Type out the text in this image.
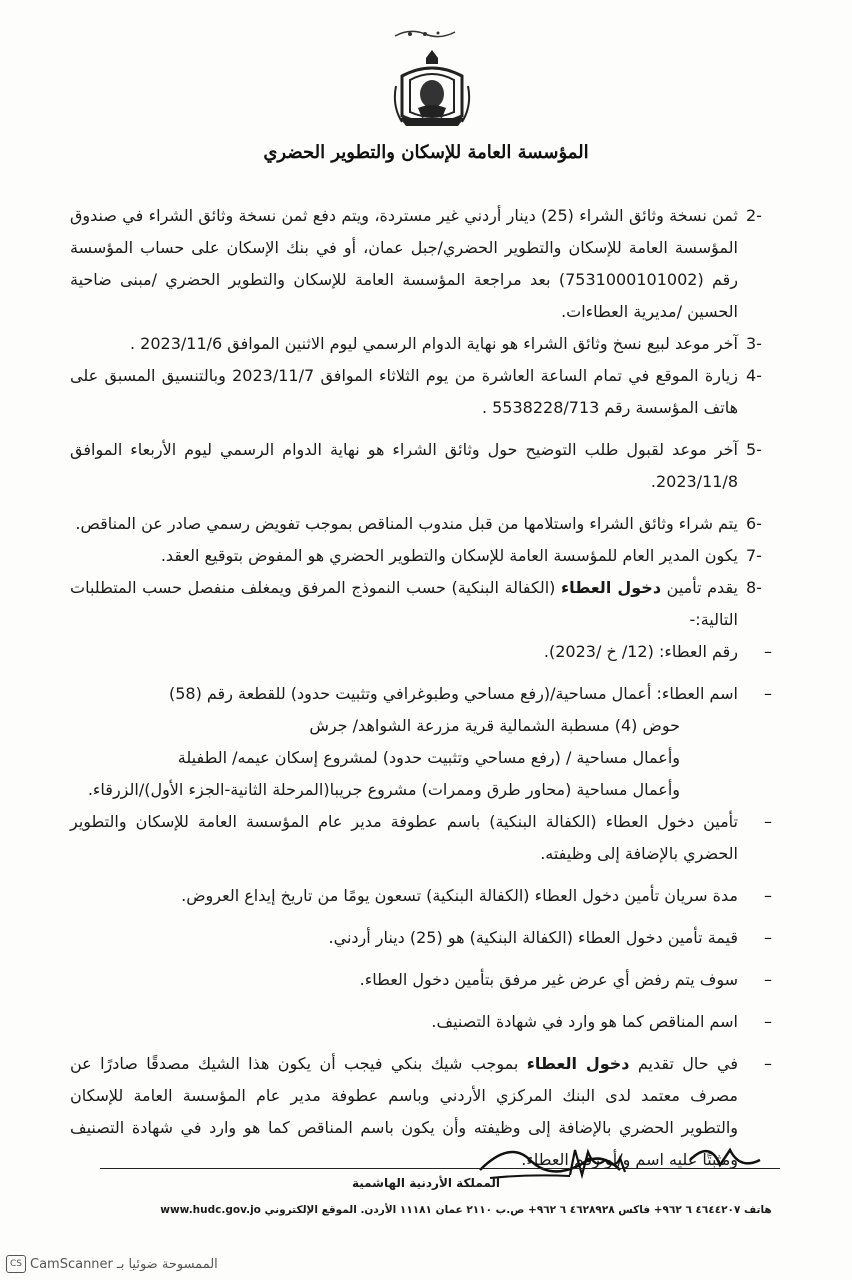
المؤسسة العامة للإسكان والتطوير الحضري
2-
ثمن نسخة وثائق الشراء (25) دينار أردني غير مستردة، ويتم دفع ثمن نسخة وثائق الشراء في صندوق المؤسسة العامة للإسكان والتطوير الحضري/جبل عمان، أو في بنك الإسكان على حساب المؤسسة رقم (7531000101002) بعد مراجعة المؤسسة العامة للإسكان والتطوير الحضري /مبنى ضاحية الحسين /مديرية العطاءات.
3-
آخر موعد لبيع نسخ وثائق الشراء هو نهاية الدوام الرسمي ليوم الاثنين الموافق 2023/11/6 .
4-
زيارة الموقع في تمام الساعة العاشرة من يوم الثلاثاء الموافق 2023/11/7 وبالتنسيق المسبق على هاتف المؤسسة رقم 5538228/713 .
5-
آخر موعد لقبول طلب التوضيح حول وثائق الشراء هو نهاية الدوام الرسمي ليوم الأربعاء الموافق 2023/11/8.
6-
يتم شراء وثائق الشراء واستلامها من قبل مندوب المناقص بموجب تفويض رسمي صادر عن المناقص.
7-
يكون المدير العام للمؤسسة العامة للإسكان والتطوير الحضري هو المفوض بتوقيع العقد.
8-
يقدم تأمين دخول العطاء (الكفالة البنكية) حسب النموذج المرفق ويمغلف منفصل حسب المتطلبات التالية:-
– رقم العطاء: (12/ خ /2023).
– اسم العطاء: أعمال مساحية/(رفع مساحي وطبوغرافي وتثبيت حدود) للقطعة رقم (58)
حوض (4) مسطبة الشمالية قرية مزرعة الشواهد/ جرش
وأعمال مساحية / (رفع مساحي وتثبيت حدود) لمشروع إسكان عيمه/ الطفيلة
وأعمال مساحية (محاور طرق وممرات) مشروع جريبا(المرحلة الثانية-الجزء الأول)/الزرقاء.
– تأمين دخول العطاء (الكفالة البنكية) باسم عطوفة مدير عام المؤسسة العامة للإسكان والتطوير الحضري بالإضافة إلى وظيفته.
– مدة سريان تأمين دخول العطاء (الكفالة البنكية) تسعون يومًا من تاريخ إيداع العروض.
– قيمة تأمين دخول العطاء (الكفالة البنكية) هو (25) دينار أردني.
– سوف يتم رفض أي عرض غير مرفق بتأمين دخول العطاء.
– اسم المناقص كما هو وارد في شهادة التصنيف.
– في حال تقديم دخول العطاء بموجب شيك بنكي فيجب أن يكون هذا الشيك مصدقًا صادرًا عن مصرف معتمد لدى البنك المركزي الأردني وباسم عطوفة مدير عام المؤسسة العامة للإسكان والتطوير الحضري بالإضافة إلى وظيفته وأن يكون باسم المناقص كما هو وارد في شهادة التصنيف ومثبتًا عليه اسم و/أو رقم العطاء.
المملكة الأردنية الهاشمية
هاتف ٤٦٤٤٢٠٧ ٦ ٩٦٢+ فاكس ٤٦٢٨٩٢٨ ٦ ٩٦٢+ ص.ب ٢١١٠ عمان ١١١٨١ الأردن. الموقع الإلكتروني www.hudc.gov.jo
CS CamScanner الممسوحة ضوئيا بـ
